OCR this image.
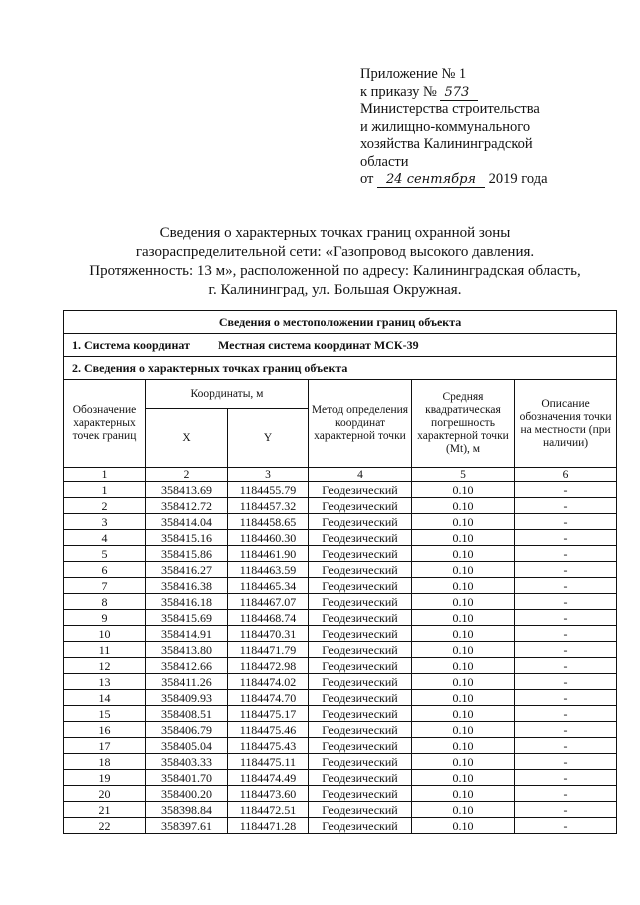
Приложение № 1
к приказу № 573
Министерства строительства
и жилищно-коммунального
хозяйства Калининградской
области
от 24 сентября 2019 года
Сведения о характерных точках границ охранной зоны
газораспределительной сети: «Газопровод высокого давления.
Протяженность: 13 м», расположенной по адресу: Калининградская область,
г. Калининград, ул. Большая Окружная.
Сведения о местоположении границ объекта					
1. Система координат Местная система координат МСК-39					
2. Сведения о характерных точках границ объекта					
Обозначение характерных точек границ	Координаты, м		Метод определения координат характерной точки	Средняя квадратическая погрешность характерной точки (Mt), м	Описание обозначения точки на местности (при наличии)
	X	Y			
1	2	3	4	5	6
1	358413.69	1184455.79	Геодезический	0.10	-
2	358412.72	1184457.32	Геодезический	0.10	-
3	358414.04	1184458.65	Геодезический	0.10	-
4	358415.16	1184460.30	Геодезический	0.10	-
5	358415.86	1184461.90	Геодезический	0.10	-
6	358416.27	1184463.59	Геодезический	0.10	-
7	358416.38	1184465.34	Геодезический	0.10	-
8	358416.18	1184467.07	Геодезический	0.10	-
9	358415.69	1184468.74	Геодезический	0.10	-
10	358414.91	1184470.31	Геодезический	0.10	-
11	358413.80	1184471.79	Геодезический	0.10	-
12	358412.66	1184472.98	Геодезический	0.10	-
13	358411.26	1184474.02	Геодезический	0.10	-
14	358409.93	1184474.70	Геодезический	0.10	-
15	358408.51	1184475.17	Геодезический	0.10	-
16	358406.79	1184475.46	Геодезический	0.10	-
17	358405.04	1184475.43	Геодезический	0.10	-
18	358403.33	1184475.11	Геодезический	0.10	-
19	358401.70	1184474.49	Геодезический	0.10	-
20	358400.20	1184473.60	Геодезический	0.10	-
21	358398.84	1184472.51	Геодезический	0.10	-
22	358397.61	1184471.28	Геодезический	0.10	-
